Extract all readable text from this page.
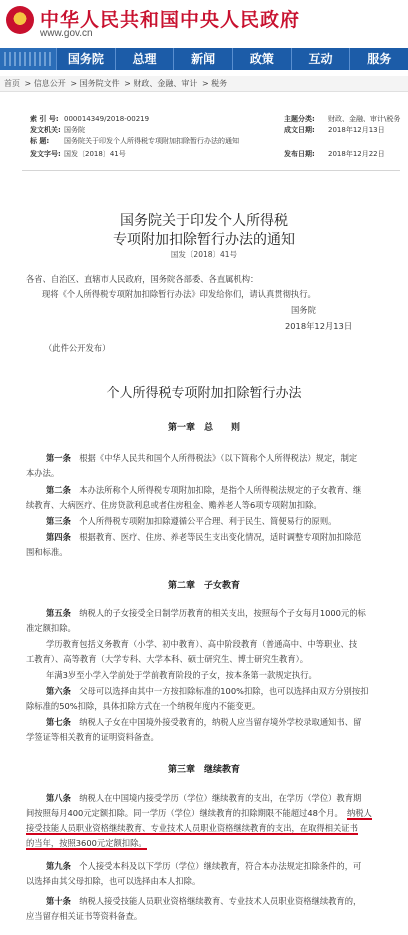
★
中华人民共和国中央人民政府
www.gov.cn
国务院	总理	新闻	政策	互动	服务
首页 > 信息公开 > 国务院文件 > 财政、金融、审计 > 税务
索 引 号: 000014349/2018-00219	主题分类: 财政、金融、审计\税务
发文机关: 国务院	成文日期: 2018年12月13日
标 题: 国务院关于印发个人所得税专项附加扣除暂行办法的通知
发文字号: 国发〔2018〕41号	发布日期: 2018年12月22日
国务院关于印发个人所得税
专项附加扣除暂行办法的通知
国发〔2018〕41号
各省、自治区、直辖市人民政府，国务院各部委、各直属机构：
现将《个人所得税专项附加扣除暂行办法》印发给你们，请认真贯彻执行。
国务院
2018年12月13日
（此件公开发布）
个人所得税专项附加扣除暂行办法
第一章　总　　则
第一条　 根据《中华人民共和国个人所得税法》（以下简称个人所得税法）规定，制定
本办法。
第二条　 本办法所称个人所得税专项附加扣除，是指个人所得税法规定的子女教育、继
续教育、大病医疗、住房贷款利息或者住房租金、赡养老人等6项专项附加扣除。
第三条　 个人所得税专项附加扣除遵循公平合理、利于民生、简便易行的原则。
第四条　 根据教育、医疗、住房、养老等民生支出变化情况，适时调整专项附加扣除范
围和标准。
第二章　子女教育
第五条　 纳税人的子女接受全日制学历教育的相关支出，按照每个子女每月1000元的标
准定额扣除。
学历教育包括义务教育（小学、初中教育）、高中阶段教育（普通高中、中等职业、技
工教育）、高等教育（大学专科、大学本科、硕士研究生、博士研究生教育）。
年满3岁至小学入学前处于学前教育阶段的子女，按本条第一款规定执行。
第六条　 父母可以选择由其中一方按扣除标准的100%扣除，也可以选择由双方分别按扣
除标准的50%扣除，具体扣除方式在一个纳税年度内不能变更。
第七条　 纳税人子女在中国境外接受教育的，纳税人应当留存境外学校录取通知书、留
学签证等相关教育的证明资料备查。
第三章　继续教育
第八条　 纳税人在中国境内接受学历（学位）继续教育的支出，在学历（学位）教育期
间按照每月400元定额扣除。同一学历（学位）继续教育的扣除期限不能超过48个月。　 纳税人
接受技能人员职业资格继续教育、专业技术人员职业资格继续教育的支出，在取得相关证书
的当年，按照3600元定额扣除。
第九条　 个人接受本科及以下学历（学位）继续教育，符合本办法规定扣除条件的，可
以选择由其父母扣除，也可以选择由本人扣除。
第十条　 纳税人接受技能人员职业资格继续教育、专业技术人员职业资格继续教育的，
应当留存相关证书等资料备查。
